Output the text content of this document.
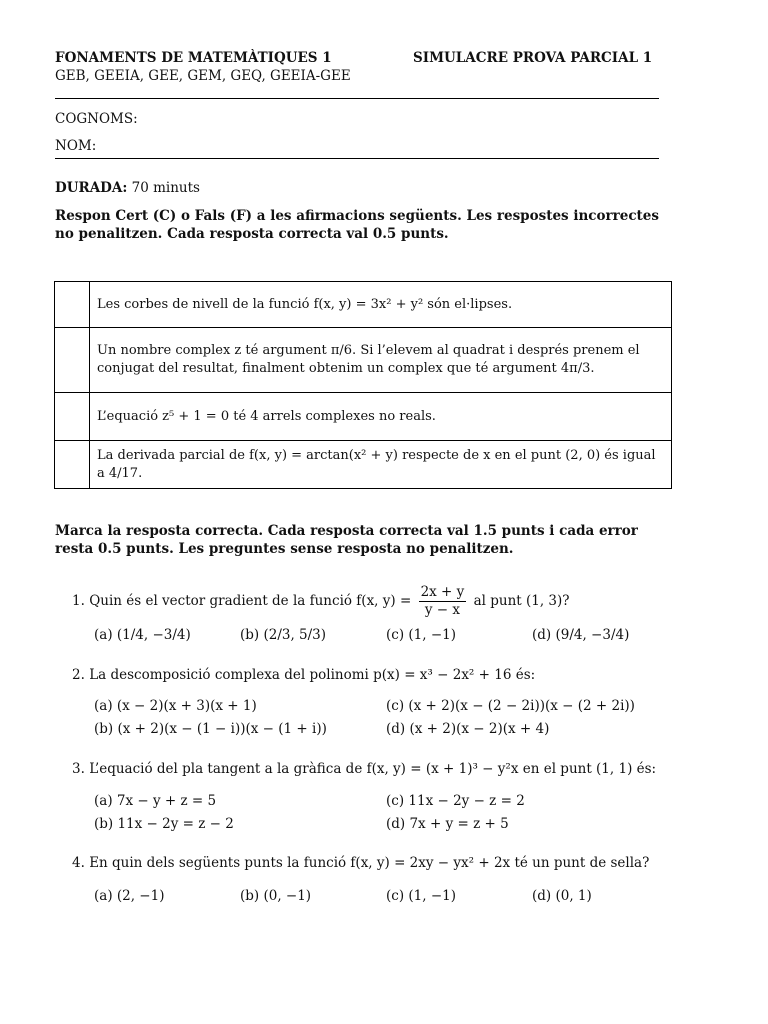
FONAMENTS DE MATEMÀTIQUES 1	SIMULACRE PROVA PARCIAL 1
GEB, GEEIA, GEE, GEM, GEQ, GEEIA-GEE
COGNOMS:
NOM:
DURADA: 70 minuts
Respon Cert (C) o Fals (F) a les afirmacions següents. Les respostes incorrectes no penalitzen. Cada resposta correcta val 0.5 punts.
	Les corbes de nivell de la funció f(x, y) = 3x² + y² són el·lipses.
	Un nombre complex z té argument π/6. Si l’elevem al quadrat i després prenem el conjugat del resultat, finalment obtenim un complex que té argument 4π/3.
	L’equació z⁵ + 1 = 0 té 4 arrels complexes no reals.
	La derivada parcial de f(x, y) = arctan(x² + y) respecte de x en el punt (2, 0) és igual a 4/17.
Marca la resposta correcta. Cada resposta correcta val 1.5 punts i cada error resta 0.5 punts. Les preguntes sense resposta no penalitzen.
1. Quin és el vector gradient de la funció f(x, $y) = \frac{2x + y}{y - x}$ al punt (1, 3)?
(a) (1/4, −3/4)	(b) (2/3, 5/3)	(c) (1, −1)	(d) (9/4, −3/4)
2. La descomposició complexa del polinomi p(x) = x³ − 2x² + 16 és:
(a) (x − 2)(x + 3)(x + 1)
(b) (x + 2)(x − (1 − i))(x − (1 + i))
(c) (x + 2)(x − (2 − 2i))(x − (2 + 2i))
(d) (x + 2)(x − 2)(x + 4)
3. L’equació del pla tangent a la gràfica de f(x, y) = (x + 1)³ − y²x en el punt (1, 1) és:
(a) 7x − y + z = 5
(b) 11x − 2y = z − 2
(c) 11x − 2y − z = 2
(d) 7x + y = z + 5
4. En quin dels següents punts la funció f(x, y) = 2xy − yx² + 2x té un punt de sella?
(a) (2, −1)	(b) (0, −1)	(c) (1, −1)	(d) (0, 1)
